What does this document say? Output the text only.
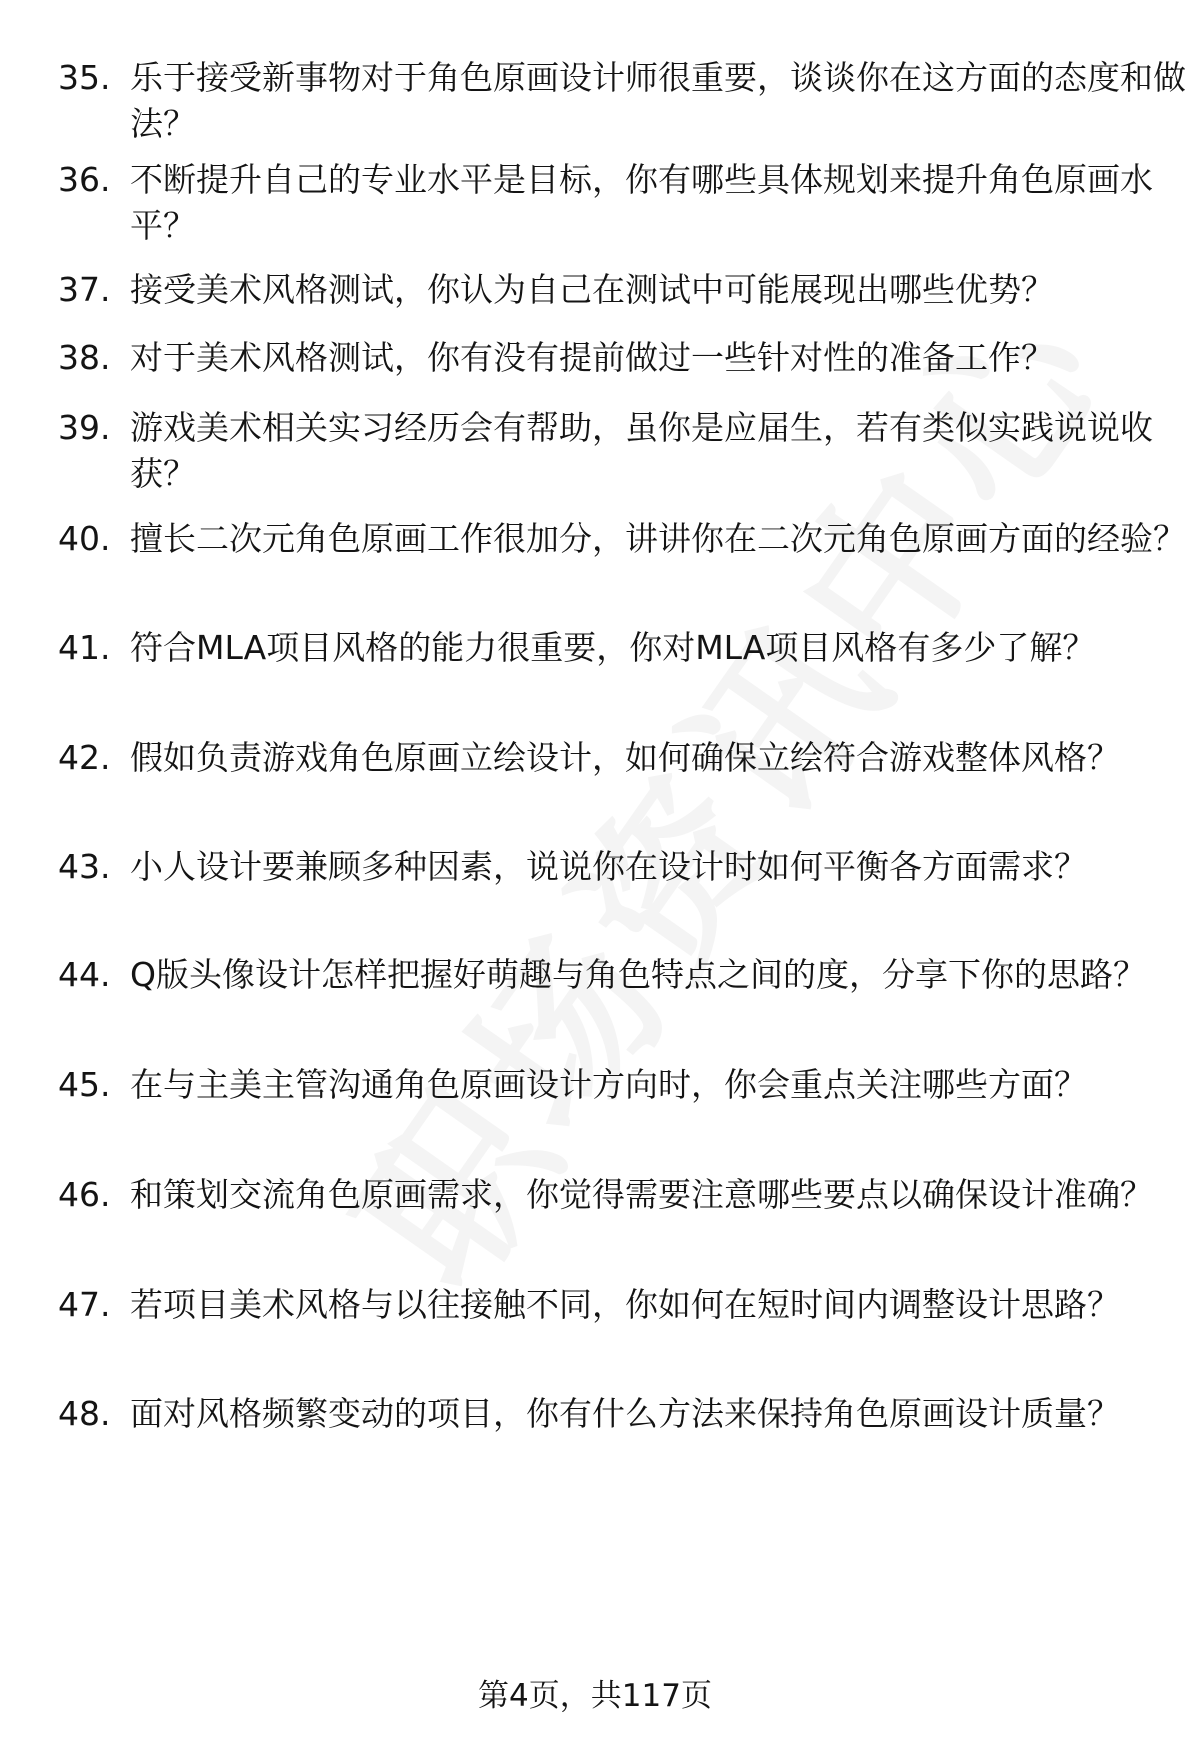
35. 乐于接受新事物对于角色原画设计师很重要，谈谈你在这方面的态度和做法？
36. 不断提升自己的专业水平是目标，你有哪些具体规划来提升角色原画水平？
37. 接受美术风格测试，你认为自己在测试中可能展现出哪些优势？
38. 对于美术风格测试，你有没有提前做过一些针对性的准备工作？
39. 游戏美术相关实习经历会有帮助，虽你是应届生，若有类似实践说说收获？
40. 擅长二次元角色原画工作很加分，讲讲你在二次元角色原画方面的经验？
41. 符合MLA项目风格的能力很重要，你对MLA项目风格有多少了解？
42. 假如负责游戏角色原画立绘设计，如何确保立绘符合游戏整体风格？
43. 小人设计要兼顾多种因素，说说你在设计时如何平衡各方面需求？
44. Q版头像设计怎样把握好萌趣与角色特点之间的度，分享下你的思路？
45. 在与主美主管沟通角色原画设计方向时，你会重点关注哪些方面？
46. 和策划交流角色原画需求，你觉得需要注意哪些要点以确保设计准确？
47. 若项目美术风格与以往接触不同，你如何在短时间内调整设计思路？
48. 面对风格频繁变动的项目，你有什么方法来保持角色原画设计质量？
第4页，共117页
